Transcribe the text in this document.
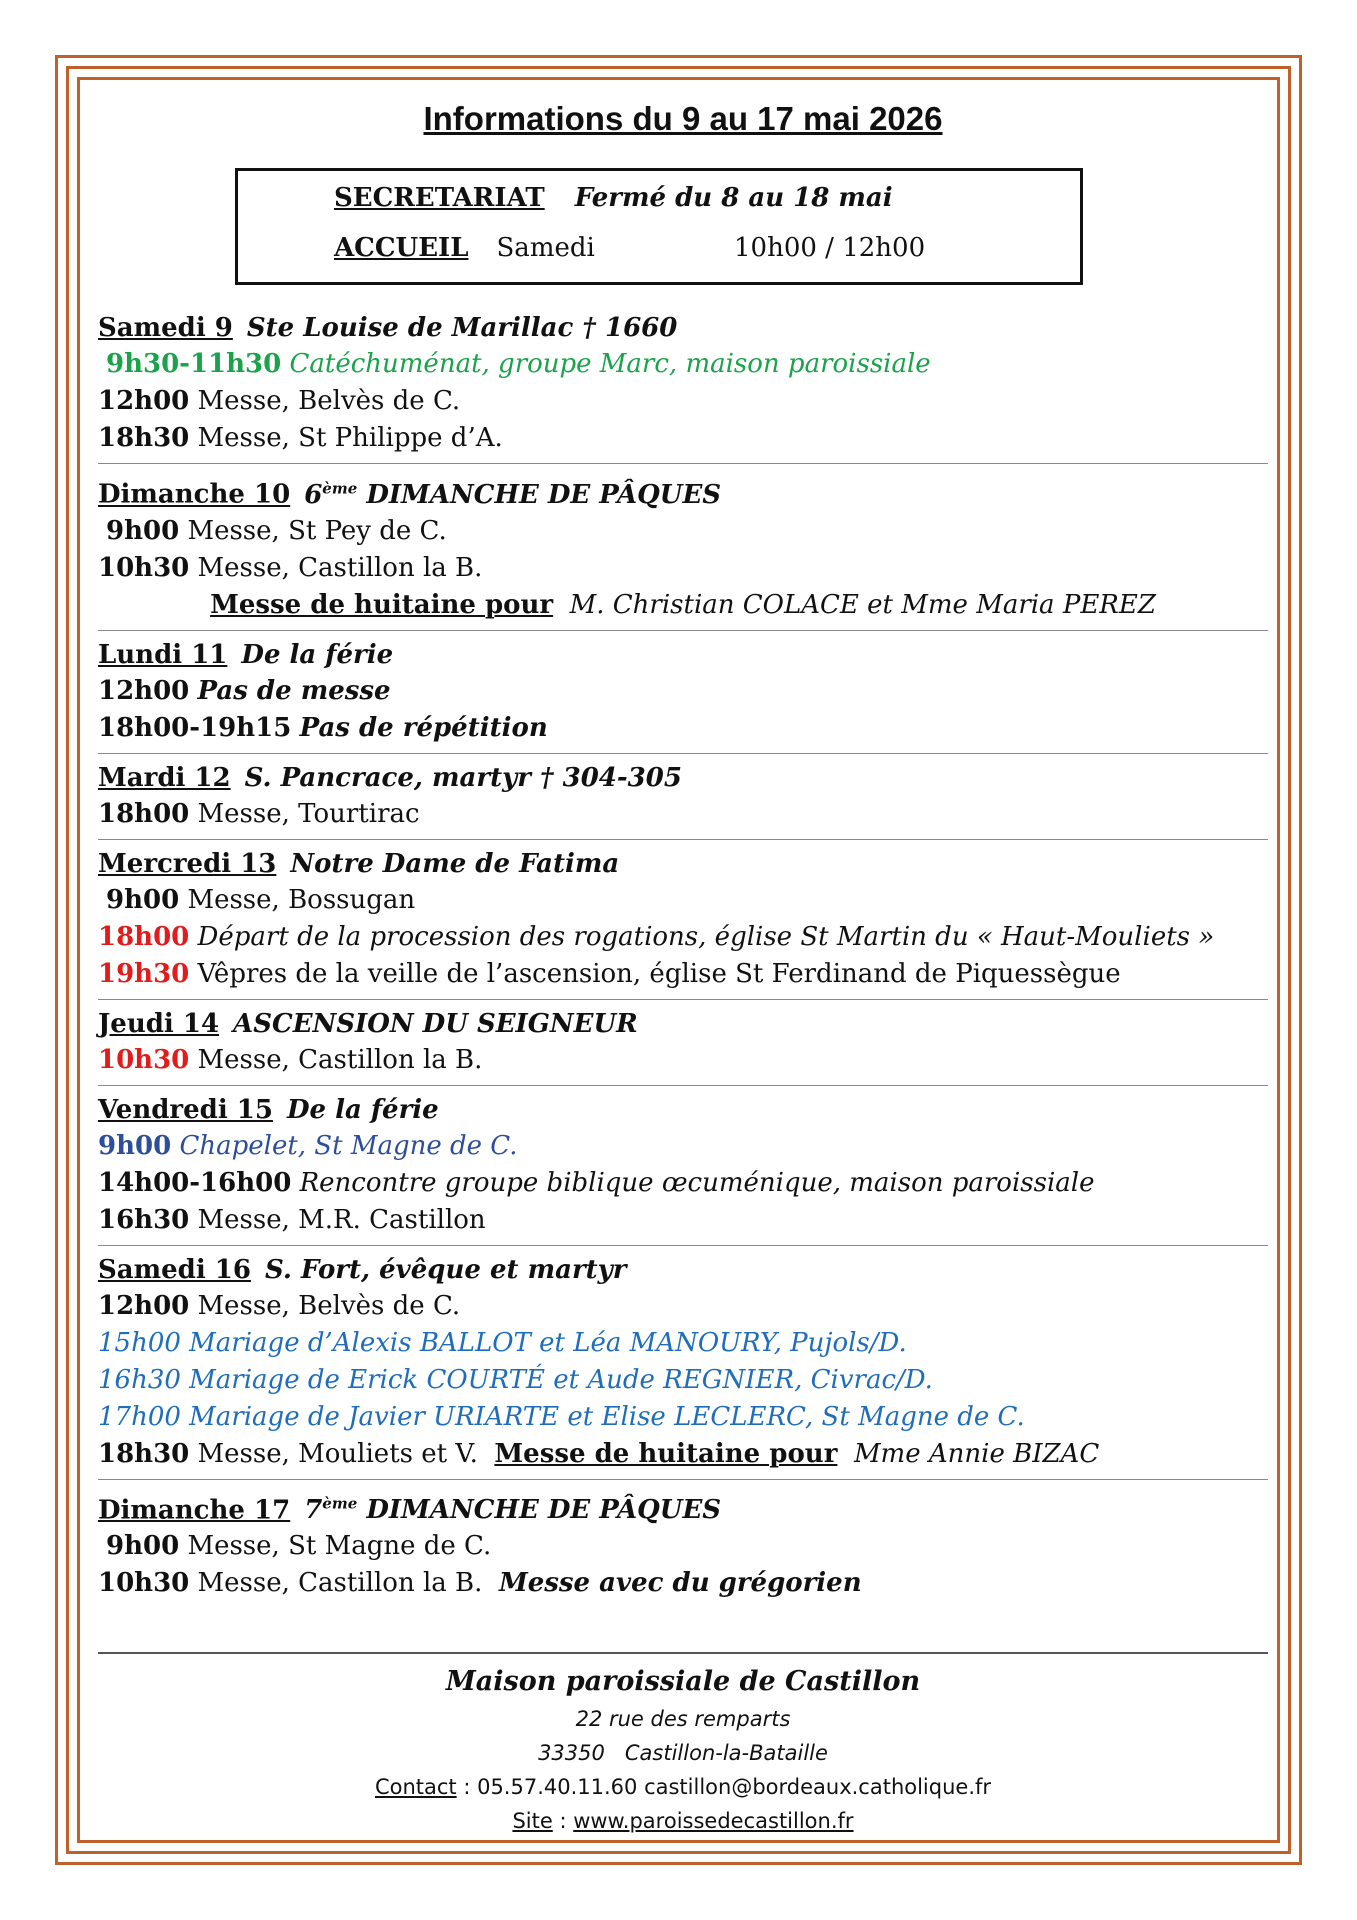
Informations du 9 au 17 mai 2026
SECRETARIAT Fermé du 8 au 18 mai
ACCUEIL Samedi	10h00 / 12h00
Samedi 9 Ste Louise de Marillac † 1660
9h30-11h30 Catéchuménat, groupe Marc, maison paroissiale
12h00 Messe, Belvès de C.
18h30 Messe, St Philippe d’A.
Dimanche 10 6ème DIMANCHE DE PÂQUES
9h00 Messe, St Pey de C.
10h30 Messe, Castillon la B.
Messe de huitaine pour M. Christian COLACE et Mme Maria PEREZ
Lundi 11 De la férie
12h00 Pas de messe
18h00-19h15 Pas de répétition
Mardi 12 S. Pancrace, martyr † 304-305
18h00 Messe, Tourtirac
Mercredi 13 Notre Dame de Fatima
9h00 Messe, Bossugan
18h00 Départ de la procession des rogations, église St Martin du « Haut-Mouliets »
19h30 Vêpres de la veille de l’ascension, église St Ferdinand de Piquessègue
Jeudi 14 ASCENSION DU SEIGNEUR
10h30 Messe, Castillon la B.
Vendredi 15 De la férie
9h00 Chapelet, St Magne de C.
14h00-16h00 Rencontre groupe biblique œcuménique, maison paroissiale
16h30 Messe, M.R. Castillon
Samedi 16 S. Fort, évêque et martyr
12h00 Messe, Belvès de C.
15h00 Mariage d’Alexis BALLOT et Léa MANOURY, Pujols/D.
16h30 Mariage de Erick COURTÉ et Aude REGNIER, Civrac/D.
17h00 Mariage de Javier URIARTE et Elise LECLERC, St Magne de C.
18h30 Messe, Mouliets et V. Messe de huitaine pour Mme Annie BIZAC
Dimanche 17 7ème DIMANCHE DE PÂQUES
9h00 Messe, St Magne de C.
10h30 Messe, Castillon la B. Messe avec du grégorien
Maison paroissiale de Castillon
22 rue des remparts
33350   Castillon-la-Bataille
Contact : 05.57.40.11.60 castillon@bordeaux.catholique.fr
Site : www.paroissedecastillon.fr
